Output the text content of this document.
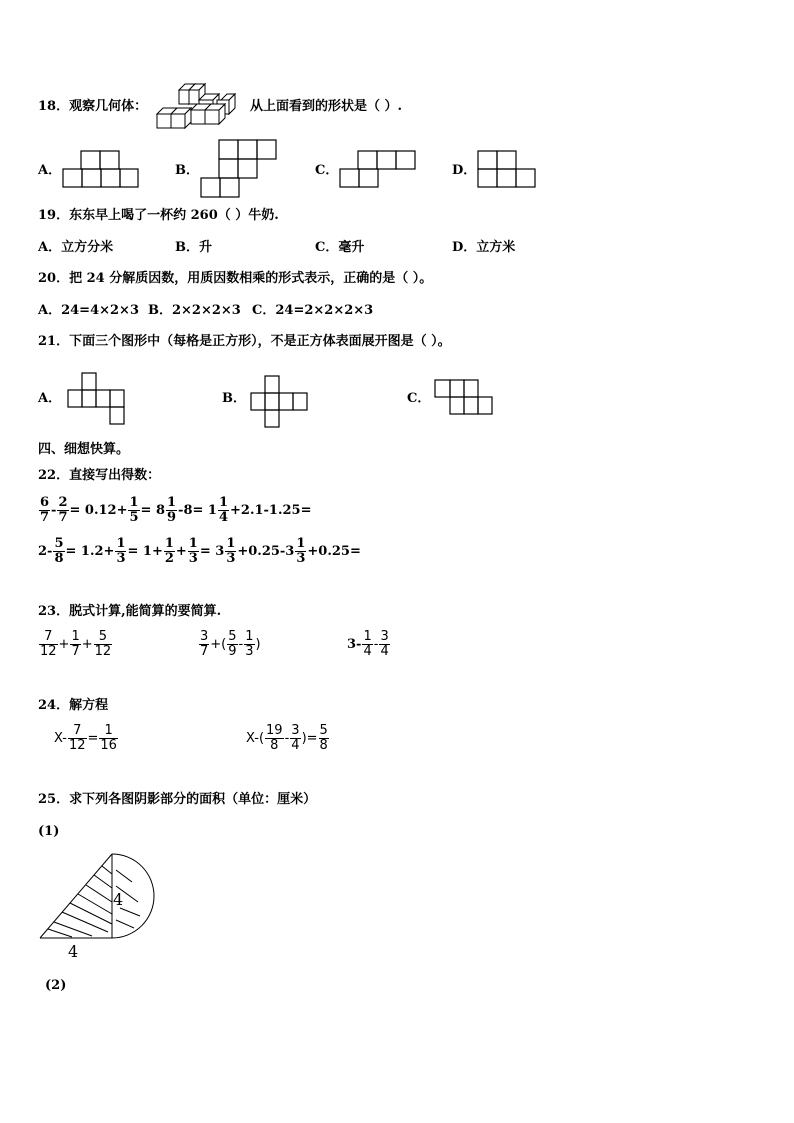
18．观察几何体：	从上面看到的形状是（ ）.
A．	B．	C．	D．
19．东东早上喝了一杯约 260（ ）牛奶.
A．立方分米	B．升	C．毫升	D．立方米
20．把 24 分解质因数，用质因数相乘的形式表示，正确的是（ ）。
A．24=4×2×3 B．2×2×2×3 C．24=2×2×2×3
21．下面三个图形中（每格是正方形），不是正方体表面展开图是（ ）。
A．	B．	C．
四、细想快算。
22．直接写出得数：
$\frac{6}{7} - \frac{2}{7} = 0.12+ \frac{1}{5} = 8 \frac{1}{9} -8= 1 \frac{1}{4} +2.1-1.25=$
$2- \frac{5}{8} = 1.2+ \frac{1}{3} = 1+ \frac{1}{2} + \frac{1}{3} = 3 \frac{1}{3} +0.25-3 \frac{1}{3} +0.25=$
23．脱式计算,能简算的要简算.
$\frac{7}{12} + \frac{1}{7} + \frac{5}{12}$	$\frac{3}{7}$ +( $\frac{5}{9} - \frac{1}{3}$ )	$3- \frac{1}{4} - \frac{3}{4}$
24．解方程
$X- \frac{7}{12} = \frac{1}{16}$	$X-( \frac{19}{8} - \frac{3}{4}$ )= $\frac{5}{8}$
25．求下列各图阴影部分的面积（单位：厘米）
(1)
4
4
(2)
